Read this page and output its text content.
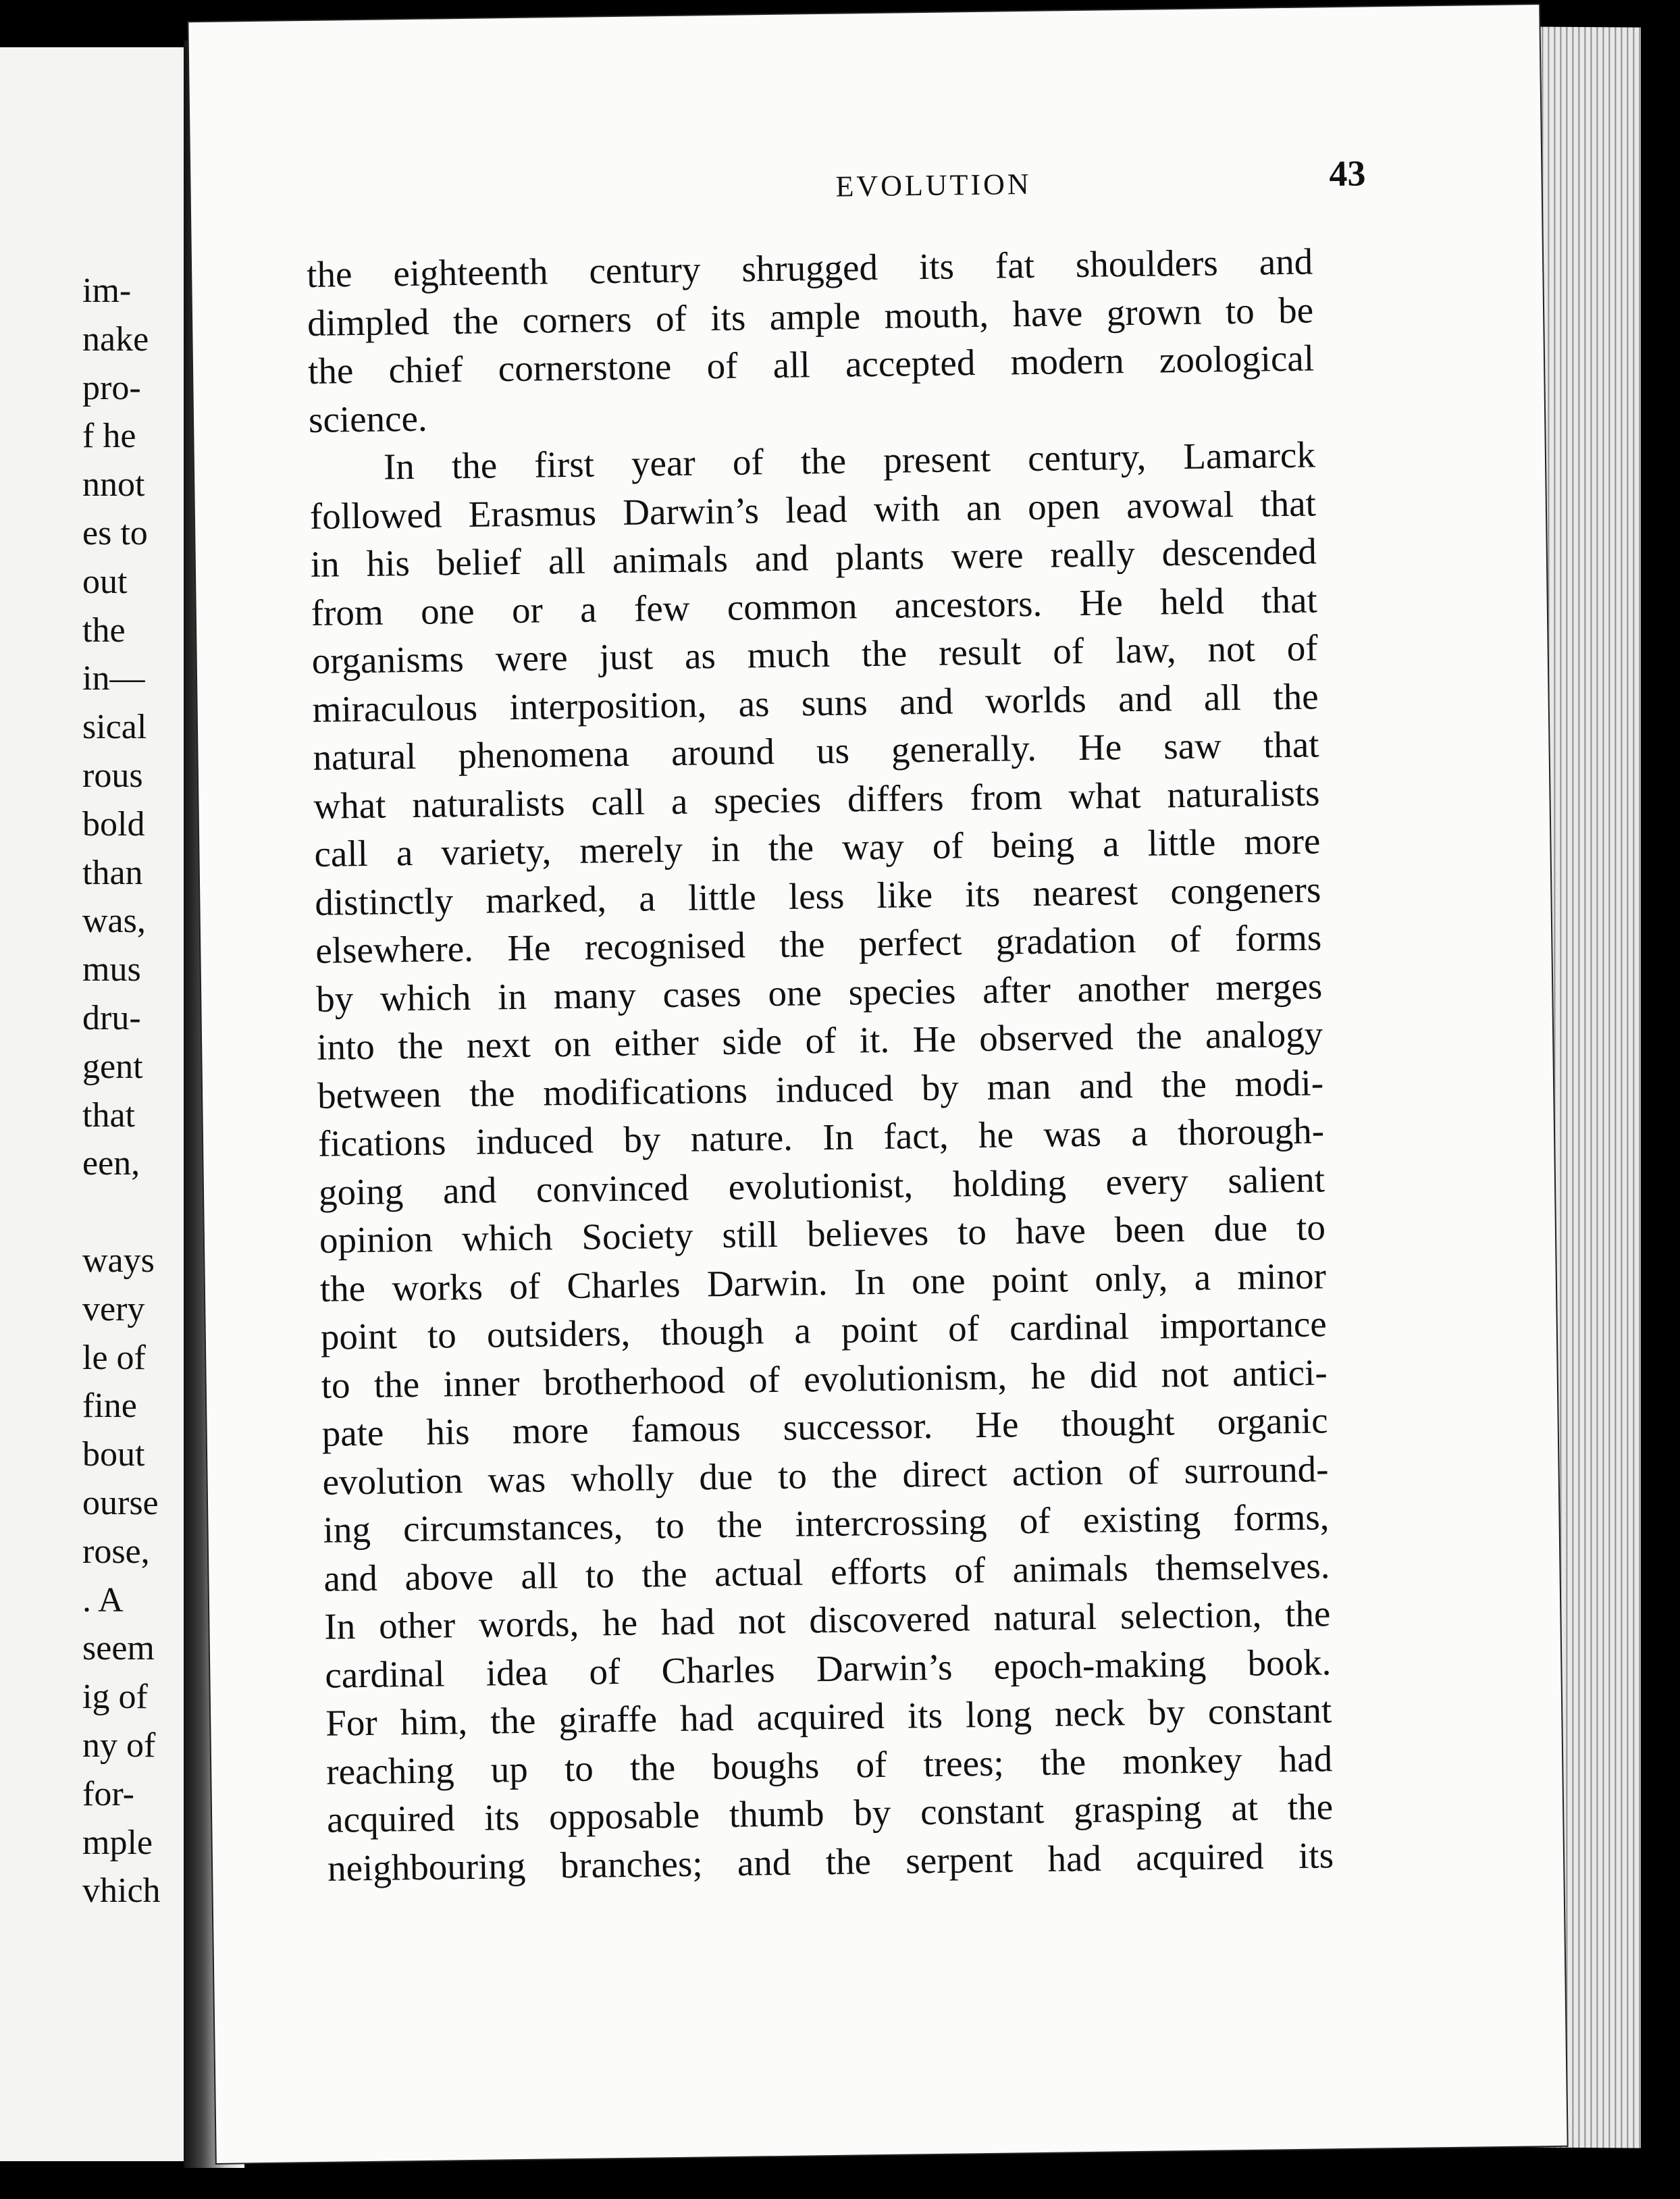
im-

nake

pro-

f he

nnot

es to

out

the

in—

sical

rous

bold

than

was,

mus

dru-

gent

that

een,

ways

very

le of

fine

bout

ourse

rose,

. A

seem

ig of

ny of

for-

mple

vhich

EVOLUTION	43
the eighteenth century shrugged its fat shoulders and
dimpled the corners of its ample mouth, have grown to be
the chief cornerstone of all accepted modern zoological
science.
In the first year of the present century, Lamarck
followed Erasmus Darwin’s lead with an open avowal that
in his belief all animals and plants were really descended
from one or a few common ancestors. He held that
organisms were just as much the result of law, not of
miraculous interposition, as suns and worlds and all the
natural phenomena around us generally. He saw that
what naturalists call a species differs from what naturalists
call a variety, merely in the way of being a little more
distinctly marked, a little less like its nearest congeners
elsewhere. He recognised the perfect gradation of forms
by which in many cases one species after another merges
into the next on either side of it. He observed the analogy
between the modifications induced by man and the modi-
fications induced by nature. In fact, he was a thorough-
going and convinced evolutionist, holding every salient
opinion which Society still believes to have been due to
the works of Charles Darwin. In one point only, a minor
point to outsiders, though a point of cardinal importance
to the inner brotherhood of evolutionism, he did not antici-
pate his more famous successor. He thought organic
evolution was wholly due to the direct action of surround-
ing circumstances, to the intercrossing of existing forms,
and above all to the actual efforts of animals themselves.
In other words, he had not discovered natural selection, the
cardinal idea of Charles Darwin’s epoch-making book.
For him, the giraffe had acquired its long neck by constant
reaching up to the boughs of trees; the monkey had
acquired its opposable thumb by constant grasping at the
neighbouring branches; and the serpent had acquired its
